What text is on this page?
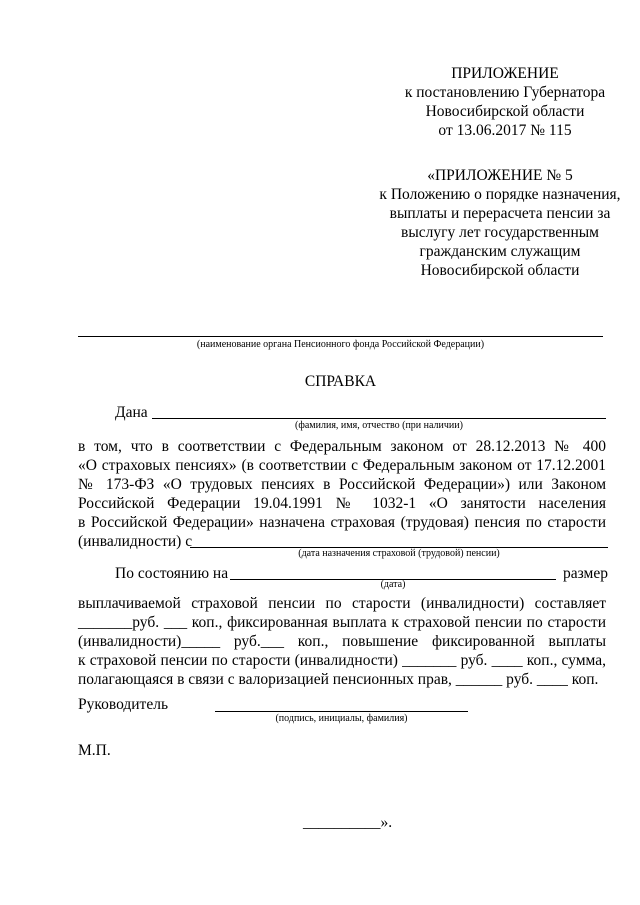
ПРИЛОЖЕНИЕ
к постановлению Губернатора
Новосибирской области
от 13.06.2017 № 115
«ПРИЛОЖЕНИЕ № 5
к Положению о порядке назначения,
выплаты и перерасчета пенсии за
выслугу лет государственным
гражданским служащим
Новосибирской области
(наименование органа Пенсионного фонда Российской Федерации)
СПРАВКА
Дана
(фамилия, имя, отчество (при наличии)
в том, что в соответствии с Федеральным законом от 28.12.2013 № 400
«О страховых пенсиях» (в соответствии с Федеральным законом от 17.12.2001
№ 173-ФЗ «О трудовых пенсиях в Российской Федерации») или Законом
Российской Федерации 19.04.1991 № 1032-1 «О занятости населения
в Российской Федерации» назначена страховая (трудовая) пенсия по старости
(инвалидности) с
(дата назначения страховой (трудовой) пенсии)
По состоянию на	размер
(дата)
выплачиваемой страховой пенсии по старости (инвалидности) составляет
_______руб. ___ коп., фиксированная выплата к страховой пенсии по старости
(инвалидности)_____ руб.___ коп., повышение фиксированной выплаты
к страховой пенсии по старости (инвалидности) _______ руб. ____ коп., сумма,
полагающаяся в связи с валоризацией пенсионных прав, ______ руб. ____ коп.
Руководитель
(подпись, инициалы, фамилия)
М.П.
__________».
